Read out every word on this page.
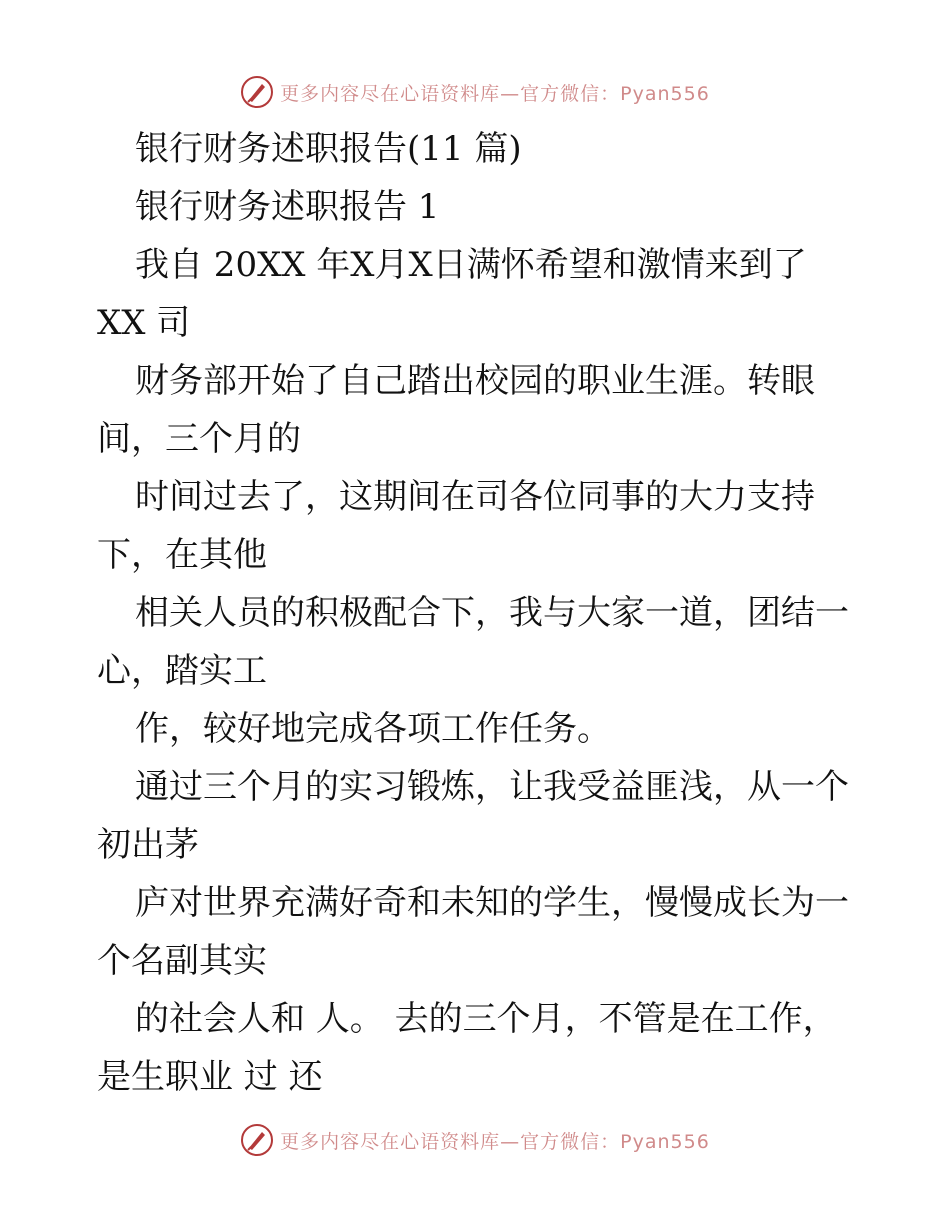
更多内容尽在心语资料库—官方微信：Pyan556
银行财务述职报告(11 篇)
银行财务述职报告 1
我自 20XX 年X月X日满怀希望和激情来到了
XX 司
财务部开始了自己踏出校园的职业生涯。转眼
间，三个月的
时间过去了，这期间在司各位同事的大力支持
下，在其他
相关人员的积极配合下，我与大家一道，团结一
心，踏实工
作，较好地完成各项工作任务。
通过三个月的实习锻炼，让我受益匪浅，从一个
初出茅
庐对世界充满好奇和未知的学生，慢慢成长为一
个名副其实
的社会人和 人。 去的三个月，不管是在工作，
是生职业 过 还
更多内容尽在心语资料库—官方微信：Pyan556
